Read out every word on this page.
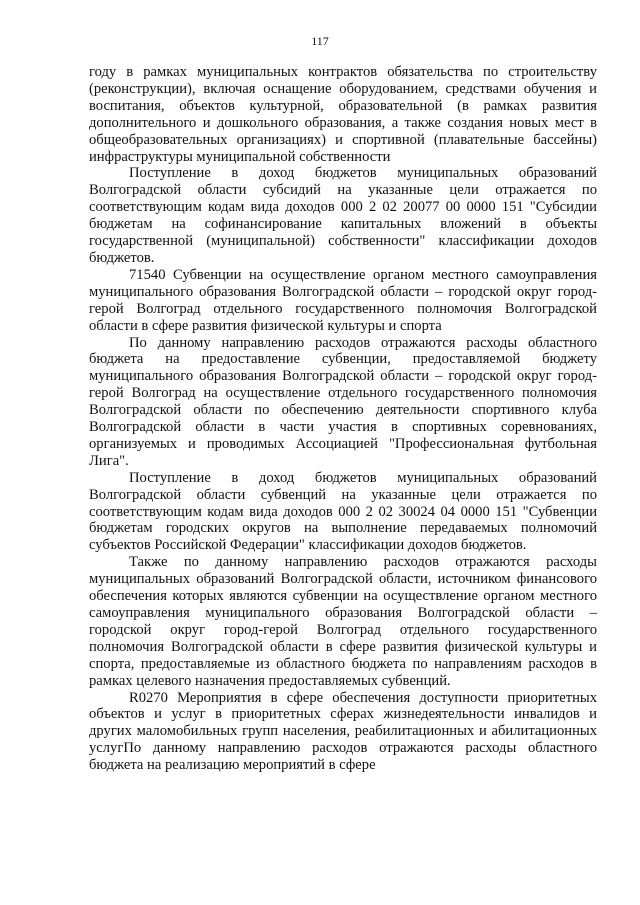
117

году в рамках муниципальных контрактов обязательства по строительству (реконструкции), включая оснащение оборудованием, средствами обучения и воспитания, объектов культурной, образовательной (в рамках развития дополнительного и дошкольного образования, а также создания новых мест в общеобразовательных организациях) и спортивной (плавательные бассейны) инфраструктуры муниципальной собственности

Поступление в доход бюджетов муниципальных образований Волгоградской области субсидий на указанные цели отражается по соответствующим кодам вида доходов 000 2 02 20077 00 0000 151 "Субсидии бюджетам на софинансирование капитальных вложений в объекты государственной (муниципальной) собственности" классификации доходов бюджетов.

71540 Субвенции на осуществление органом местного самоуправления муниципального образования Волгоградской области – городской округ город-герой Волгоград отдельного государственного полномочия Волгоградской области в сфере развития физической культуры и спорта

По данному направлению расходов отражаются расходы областного бюджета на предоставление субвенции, предоставляемой бюджету муниципального образования Волгоградской области – городской округ город-герой Волгоград на осуществление отдельного государственного полномочия Волгоградской области по обеспечению деятельности спортивного клуба Волгоградской области в части участия в спортивных соревнованиях, организуемых и проводимых Ассоциацией "Профессиональная футбольная Лига".

Поступление в доход бюджетов муниципальных образований Волгоградской области субвенций на указанные цели отражается по соответствующим кодам вида доходов 000 2 02 30024 04 0000 151 "Субвенции бюджетам городских округов на выполнение передаваемых полномочий субъектов Российской Федерации" классификации доходов бюджетов.

Также по данному направлению расходов отражаются расходы муниципальных образований Волгоградской области, источником финансового обеспечения которых являются субвенции на осуществление органом местного самоуправления муниципального образования Волгоградской области – городской округ город-герой Волгоград отдельного государственного полномочия Волгоградской области в сфере развития физической культуры и спорта, предоставляемые из областного бюджета по направлениям расходов в рамках целевого назначения предоставляемых субвенций.

R0270 Мероприятия в сфере обеспечения доступности приоритетных объектов и услуг в приоритетных сферах жизнедеятельности инвалидов и других маломобильных групп населения, реабилитационных и абилитационных услугПо данному направлению расходов отражаются расходы областного бюджета на реализацию мероприятий в сфере
